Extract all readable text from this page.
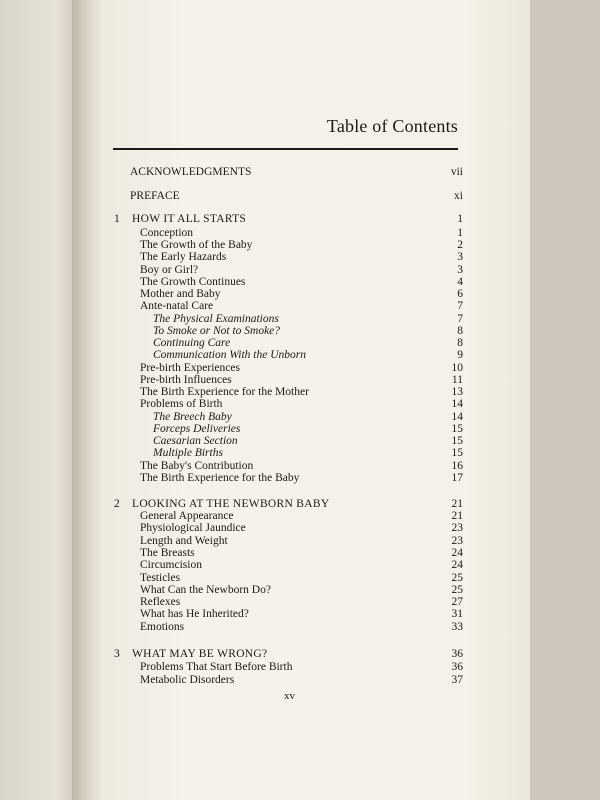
Table of Contents
ACKNOWLEDGMENTS	vii
PREFACE	xi
1 HOW IT ALL STARTS	1
Conception	1
The Growth of the Baby	2
The Early Hazards	3
Boy or Girl?	3
The Growth Continues	4
Mother and Baby	6
Ante-natal Care	7
The Physical Examinations	7
To Smoke or Not to Smoke?	8
Continuing Care	8
Communication With the Unborn	9
Pre-birth Experiences	10
Pre-birth Influences	11
The Birth Experience for the Mother	13
Problems of Birth	14
The Breech Baby	14
Forceps Deliveries	15
Caesarian Section	15
Multiple Births	15
The Baby's Contribution	16
The Birth Experience for the Baby	17
2 LOOKING AT THE NEWBORN BABY	21
General Appearance	21
Physiological Jaundice	23
Length and Weight	23
The Breasts	24
Circumcision	24
Testicles	25
What Can the Newborn Do?	25
Reflexes	27
What has He Inherited?	31
Emotions	33
3 WHAT MAY BE WRONG?	36
Problems That Start Before Birth	36
Metabolic Disorders	37
xv
